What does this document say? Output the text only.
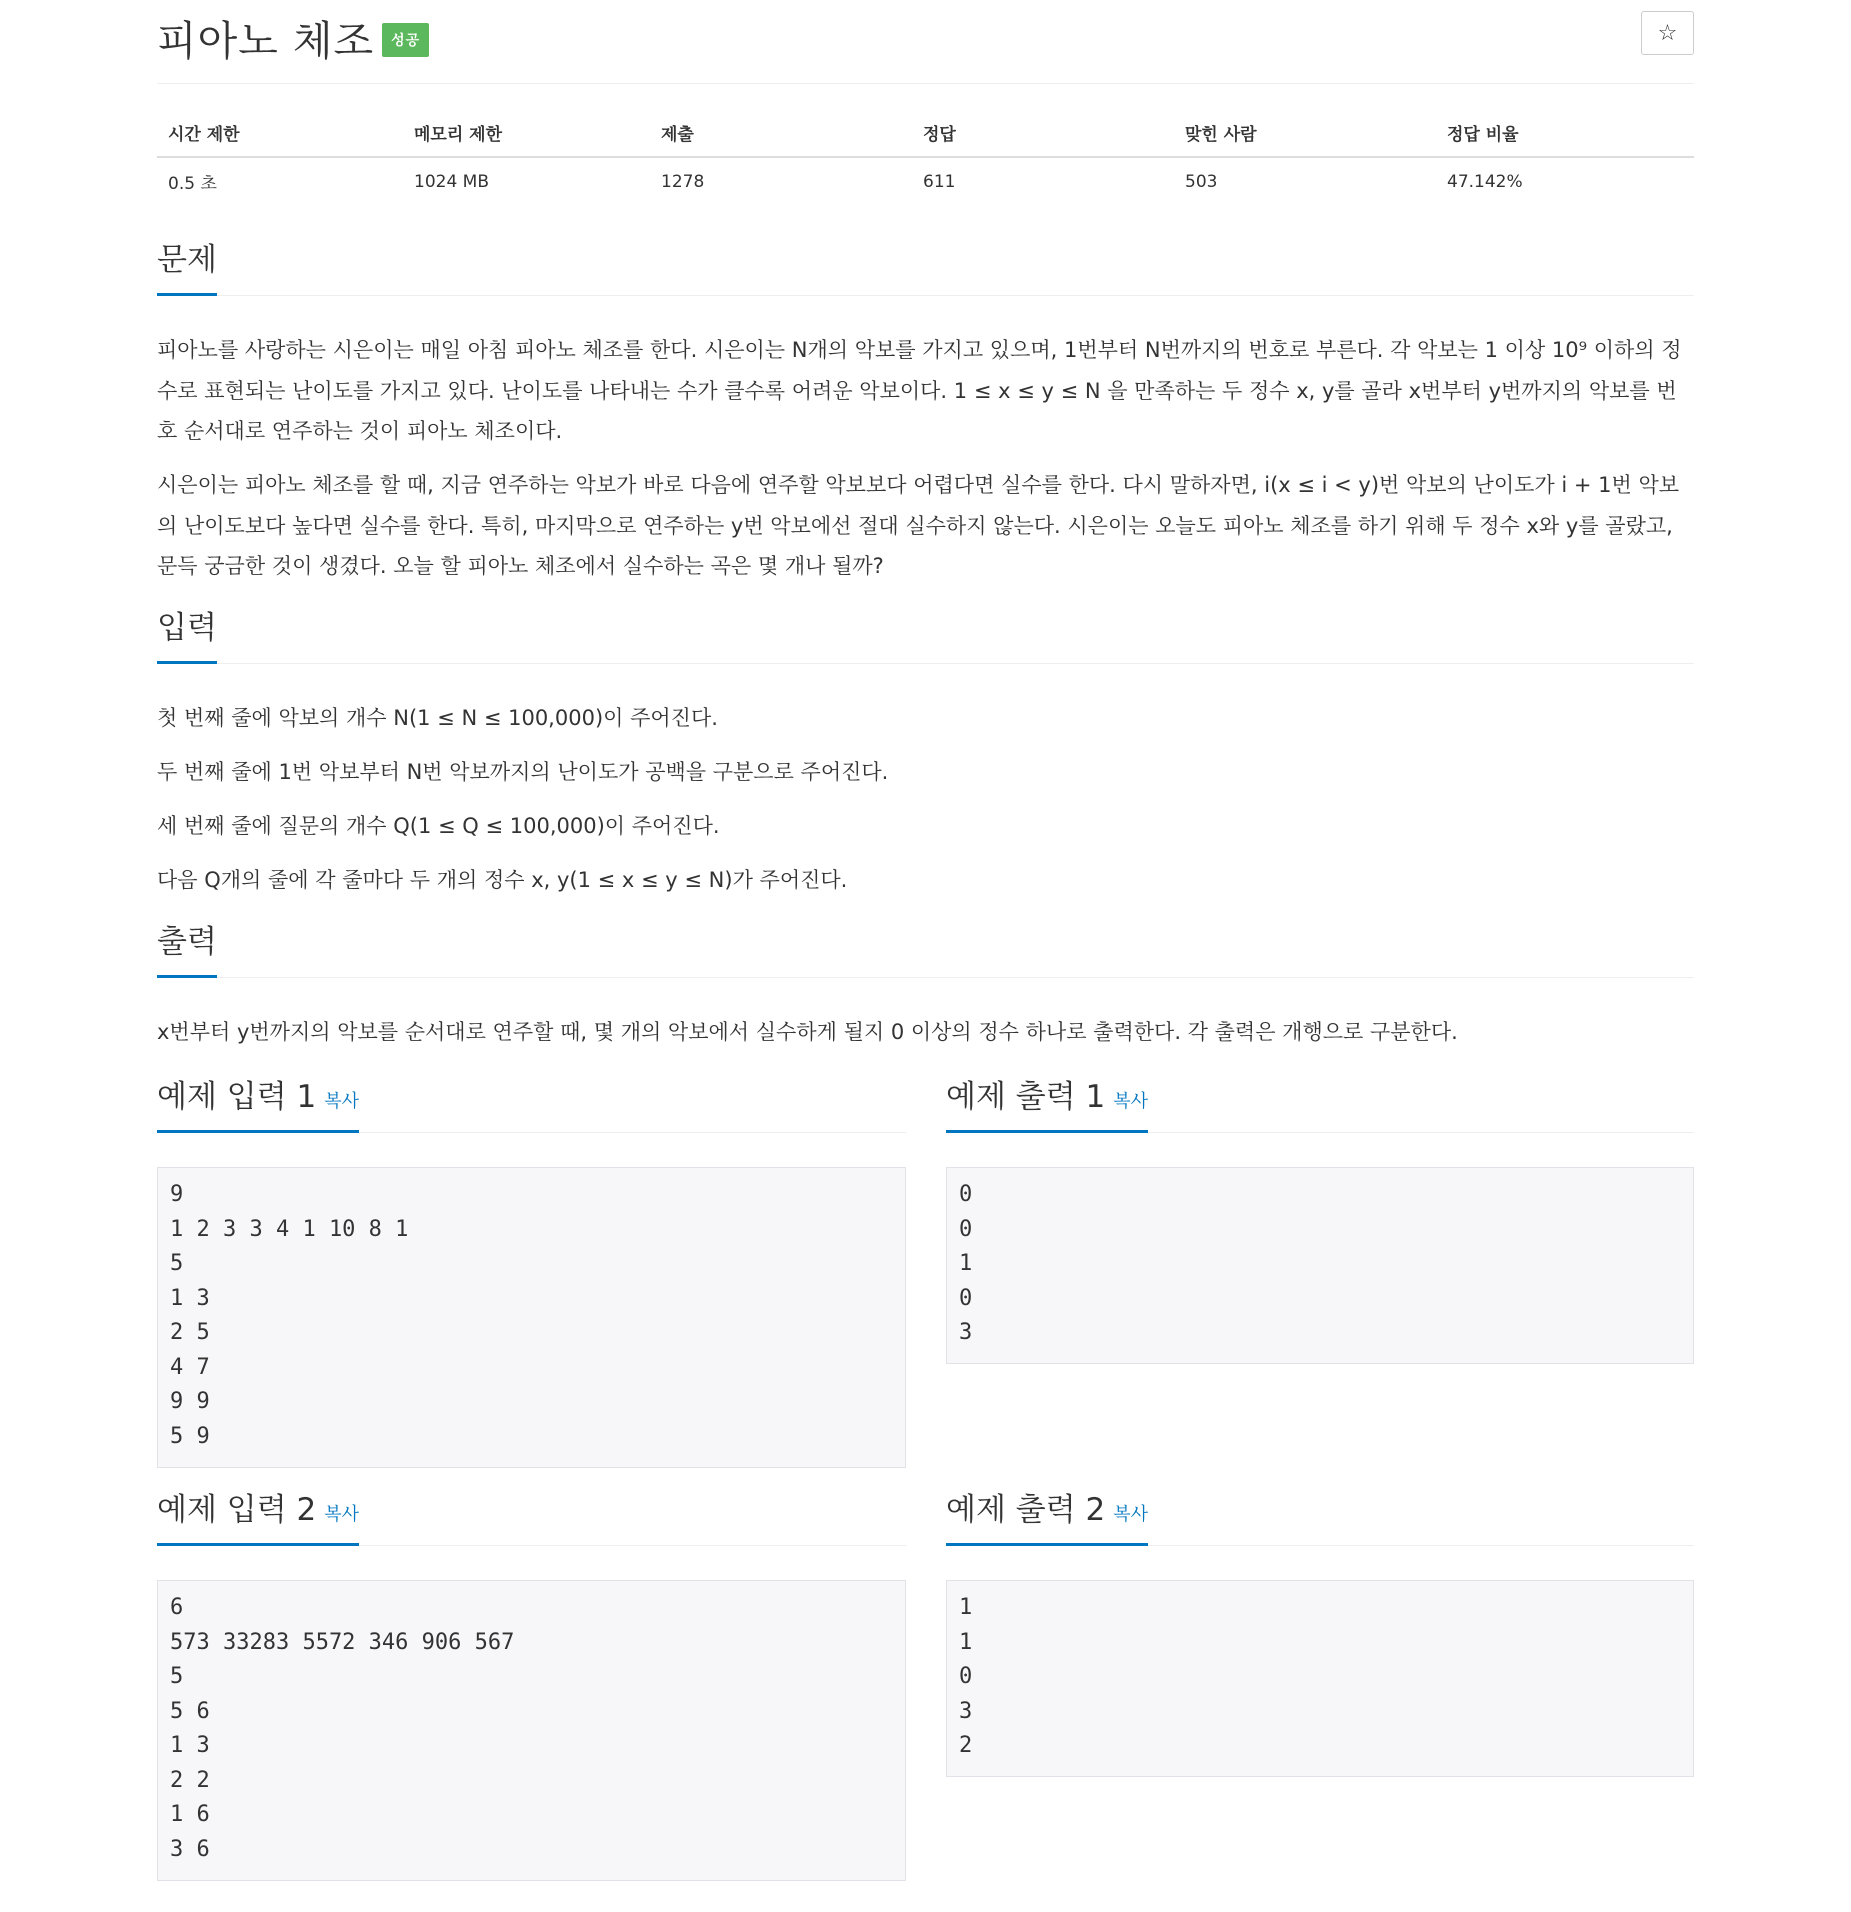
피아노 체조 성공	☆
시간 제한	메모리 제한	제출	정답	맞힌 사람	정답 비율
0.5 초	1024 MB	1278	611	503	47.142%
문제

피아노를 사랑하는 시은이는 매일 아침 피아노 체조를 한다. 시은이는 N개의 악보를 가지고 있으며, 1번부터 N번까지의 번호로 부른다. 각 악보는 1 이상 10⁹ 이하의 정수로 표현되는 난이도를 가지고 있다. 난이도를 나타내는 수가 클수록 어려운 악보이다. 1 ≤ x ≤ y ≤ N 을 만족하는 두 정수 x, y를 골라 x번부터 y번까지의 악보를 번호 순서대로 연주하는 것이 피아노 체조이다.

시은이는 피아노 체조를 할 때, 지금 연주하는 악보가 바로 다음에 연주할 악보보다 어렵다면 실수를 한다. 다시 말하자면, i(x ≤ i < y)번 악보의 난이도가 i + 1번 악보의 난이도보다 높다면 실수를 한다. 특히, 마지막으로 연주하는 y번 악보에선 절대 실수하지 않는다. 시은이는 오늘도 피아노 체조를 하기 위해 두 정수 x와 y를 골랐고, 문득 궁금한 것이 생겼다. 오늘 할 피아노 체조에서 실수하는 곡은 몇 개나 될까?

입력

첫 번째 줄에 악보의 개수 N(1 ≤ N ≤ 100,000)이 주어진다.

두 번째 줄에 1번 악보부터 N번 악보까지의 난이도가 공백을 구분으로 주어진다.

세 번째 줄에 질문의 개수 Q(1 ≤ Q ≤ 100,000)이 주어진다.

다음 Q개의 줄에 각 줄마다 두 개의 정수 x, y(1 ≤ x ≤ y ≤ N)가 주어진다.

출력

x번부터 y번까지의 악보를 순서대로 연주할 때, 몇 개의 악보에서 실수하게 될지 0 이상의 정수 하나로 출력한다. 각 출력은 개행으로 구분한다.

예제 입력 1 복사
9
1 2 3 3 4 1 10 8 1
5
1 3
2 5
4 7
9 9
5 9
예제 출력 1 복사
0
0
1
0
3
예제 입력 2 복사
6
573 33283 5572 346 906 567
5
5 6
1 3
2 2
1 6
3 6
예제 출력 2 복사
1
1
0
3
2
